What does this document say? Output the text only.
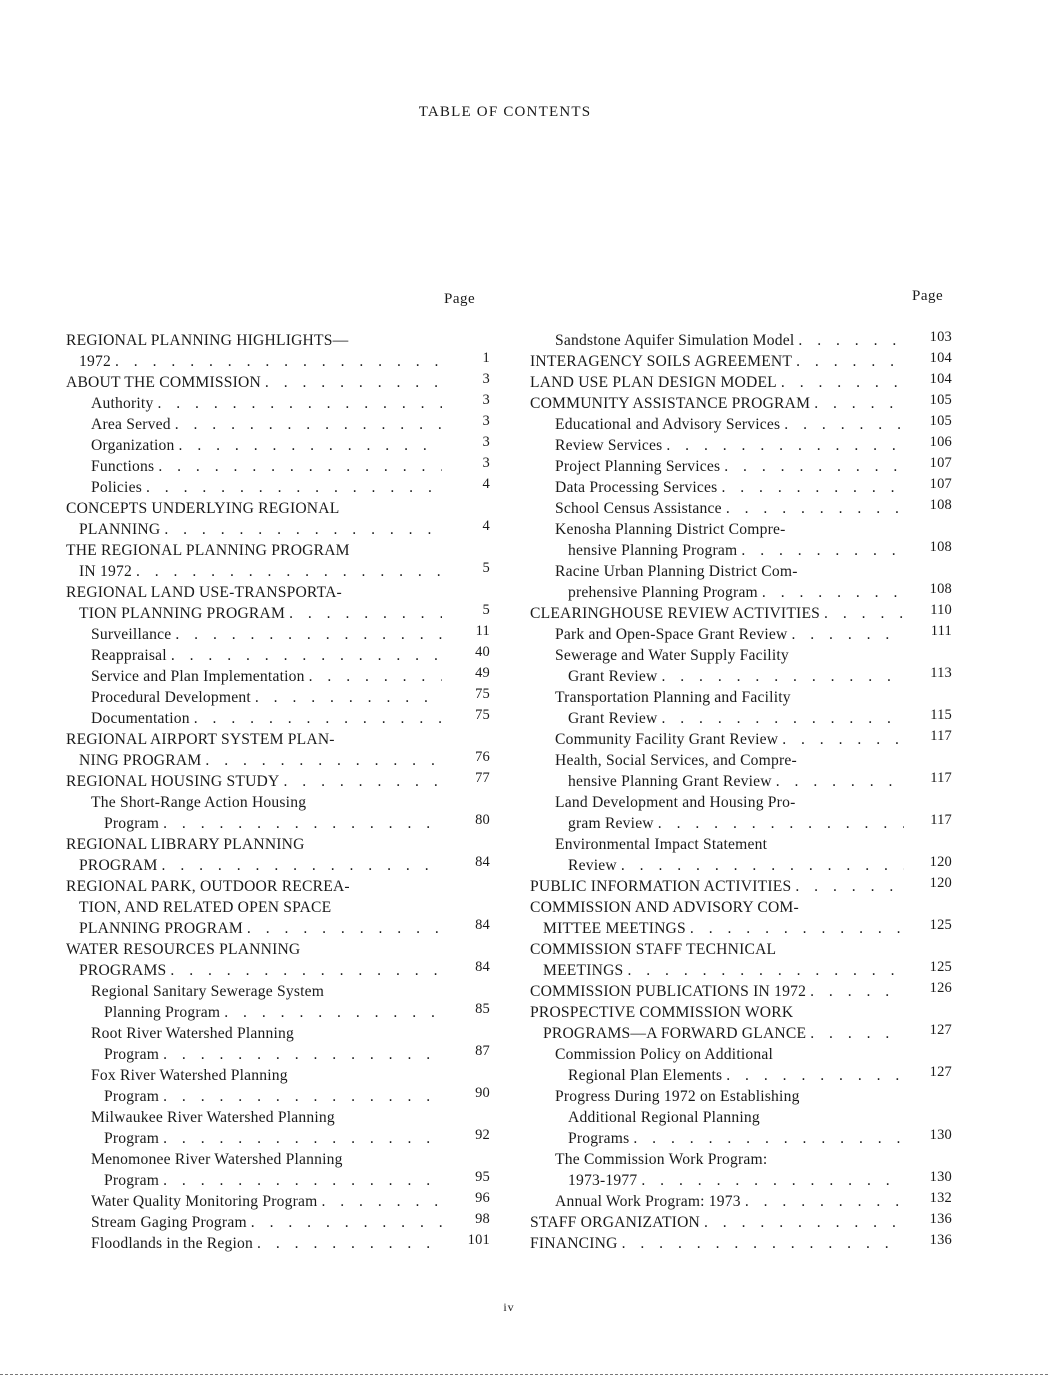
TABLE OF CONTENTS
Page	Page
REGIONAL PLANNING HIGHLIGHTS—
1972 . . .	1
ABOUT THE COMMISSION . . .	3
Authority . . .	3
Area Served . . .	3
Organization . . .	3
Functions . . .	3
Policies . . .	4
CONCEPTS UNDERLYING REGIONAL
PLANNING . . .	4
THE REGIONAL PLANNING PROGRAM
IN 1972 . . .	5
REGIONAL LAND USE-TRANSPORTA-
TION PLANNING PROGRAM . . .	5
Surveillance . . .	11
Reappraisal . . .	40
Service and Plan Implementation . . .	49
Procedural Development . . .	75
Documentation . . .	75
REGIONAL AIRPORT SYSTEM PLAN-
NING PROGRAM . . .	76
REGIONAL HOUSING STUDY . . .	77
The Short-Range Action Housing
Program . . .	80
REGIONAL LIBRARY PLANNING
PROGRAM . . .	84
REGIONAL PARK, OUTDOOR RECREA-
TION, AND RELATED OPEN SPACE
PLANNING PROGRAM . . .	84
WATER RESOURCES PLANNING
PROGRAMS . . .	84
Regional Sanitary Sewerage System
Planning Program . . .	85
Root River Watershed Planning
Program . . .	87
Fox River Watershed Planning
Program . . .	90
Milwaukee River Watershed Planning
Program . . .	92
Menomonee River Watershed Planning
Program . . .	95
Water Quality Monitoring Program . . .	96
Stream Gaging Program . . .	98
Floodlands in the Region . . .	101
Sandstone Aquifer Simulation Model . . .	103
INTERAGENCY SOILS AGREEMENT . . .	104
LAND USE PLAN DESIGN MODEL . . .	104
COMMUNITY ASSISTANCE PROGRAM . . .	105
Educational and Advisory Services . . .	105
Review Services . . .	106
Project Planning Services . . .	107
Data Processing Services . . .	107
School Census Assistance . . .	108
Kenosha Planning District Compre-
hensive Planning Program . . .	108
Racine Urban Planning District Com-
prehensive Planning Program . . .	108
CLEARINGHOUSE REVIEW ACTIVITIES . . .	110
Park and Open-Space Grant Review . . .	111
Sewerage and Water Supply Facility
Grant Review . . .	113
Transportation Planning and Facility
Grant Review . . .	115
Community Facility Grant Review . . .	117
Health, Social Services, and Compre-
hensive Planning Grant Review . . .	117
Land Development and Housing Pro-
gram Review . . .	117
Environmental Impact Statement
Review . . .	120
PUBLIC INFORMATION ACTIVITIES . . .	120
COMMISSION AND ADVISORY COM-
MITTEE MEETINGS . . .	125
COMMISSION STAFF TECHNICAL
MEETINGS . . .	125
COMMISSION PUBLICATIONS IN 1972 . . .	126
PROSPECTIVE COMMISSION WORK
PROGRAMS—A FORWARD GLANCE . . .	127
Commission Policy on Additional
Regional Plan Elements . . .	127
Progress During 1972 on Establishing
Additional Regional Planning
Programs . . .	130
The Commission Work Program:
1973-1977 . . .	130
Annual Work Program: 1973 . . .	132
STAFF ORGANIZATION . . .	136
FINANCING . . .	136
iv
